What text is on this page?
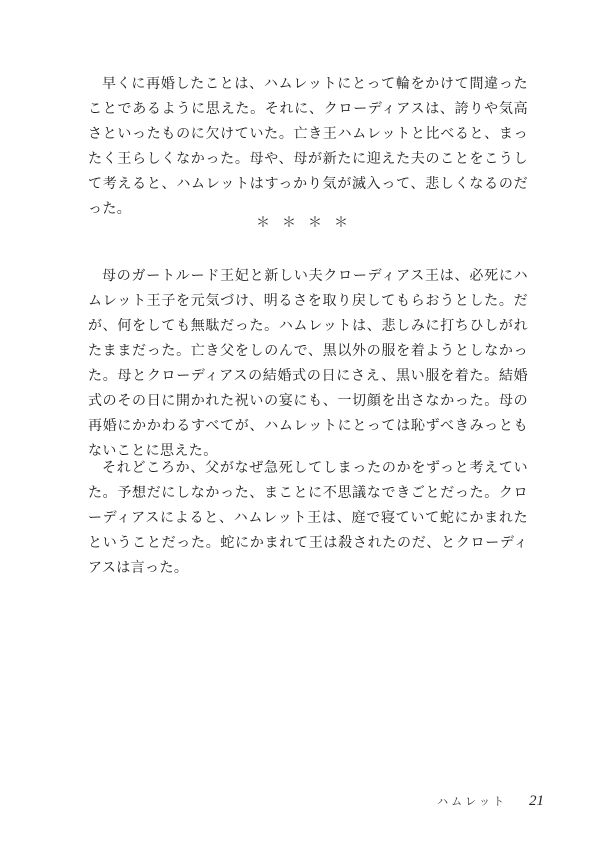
早くに再婚したことは、ハムレットにとって輪をかけて間違ったことであるように思えた。それに、クローディアスは、誇りや気高さといったものに欠けていた。亡き王ハムレットと比べると、まったく王らしくなかった。母や、母が新たに迎えた夫のことをこうして考えると、ハムレットはすっかり気が滅入って、悲しくなるのだった。

＊＊＊＊

母のガートルード王妃と新しい夫クローディアス王は、必死にハムレット王子を元気づけ、明るさを取り戻してもらおうとした。だが、何をしても無駄だった。ハムレットは、悲しみに打ちひしがれたままだった。亡き父をしのんで、黒以外の服を着ようとしなかった。母とクローディアスの結婚式の日にさえ、黒い服を着た。結婚式のその日に開かれた祝いの宴にも、一切顔を出さなかった。母の再婚にかかわるすべてが、ハムレットにとっては恥ずべきみっともないことに思えた。

それどころか、父がなぜ急死してしまったのかをずっと考えていた。予想だにしなかった、まことに不思議なできごとだった。クローディアスによると、ハムレット王は、庭で寝ていて蛇にかまれたということだった。蛇にかまれて王は殺されたのだ、とクローディアスは言った。

ハムレット 21
